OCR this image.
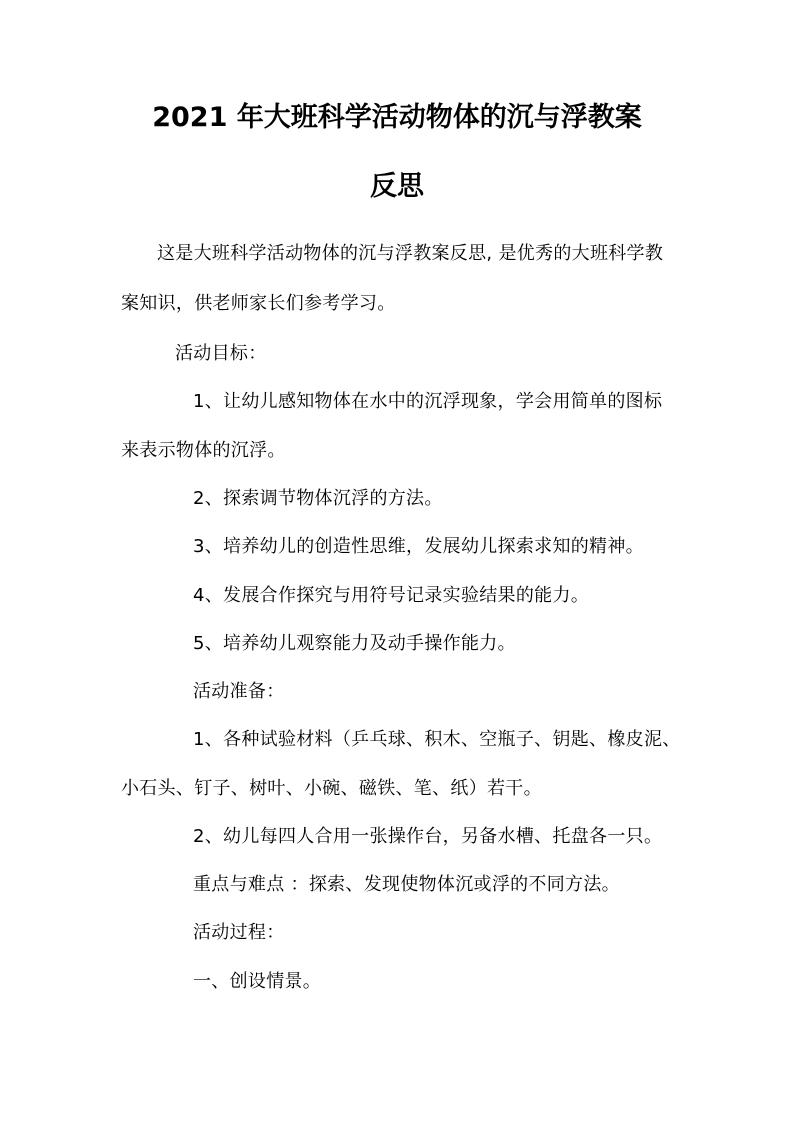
2021 年大班科学活动物体的沉与浮教案
反思
这是大班科学活动物体的沉与浮教案反思, 是优秀的大班科学教
案知识，供老师家长们参考学习。
活动目标：
1、让幼儿感知物体在水中的沉浮现象，学会用简单的图标
来表示物体的沉浮。
2、探索调节物体沉浮的方法。
3、培养幼儿的创造性思维，发展幼儿探索求知的精神。
4、发展合作探究与用符号记录实验结果的能力。
5、培养幼儿观察能力及动手操作能力。
活动准备：
1、各种试验材料（乒乓球、积木、空瓶子、钥匙、橡皮泥、
小石头、钉子、树叶、小碗、磁铁、笔、纸）若干。
2、幼儿每四人合用一张操作台，另备水槽、托盘各一只。
重点与难点 ：探索、发现使物体沉或浮的不同方法。
活动过程：
一、创设情景。
